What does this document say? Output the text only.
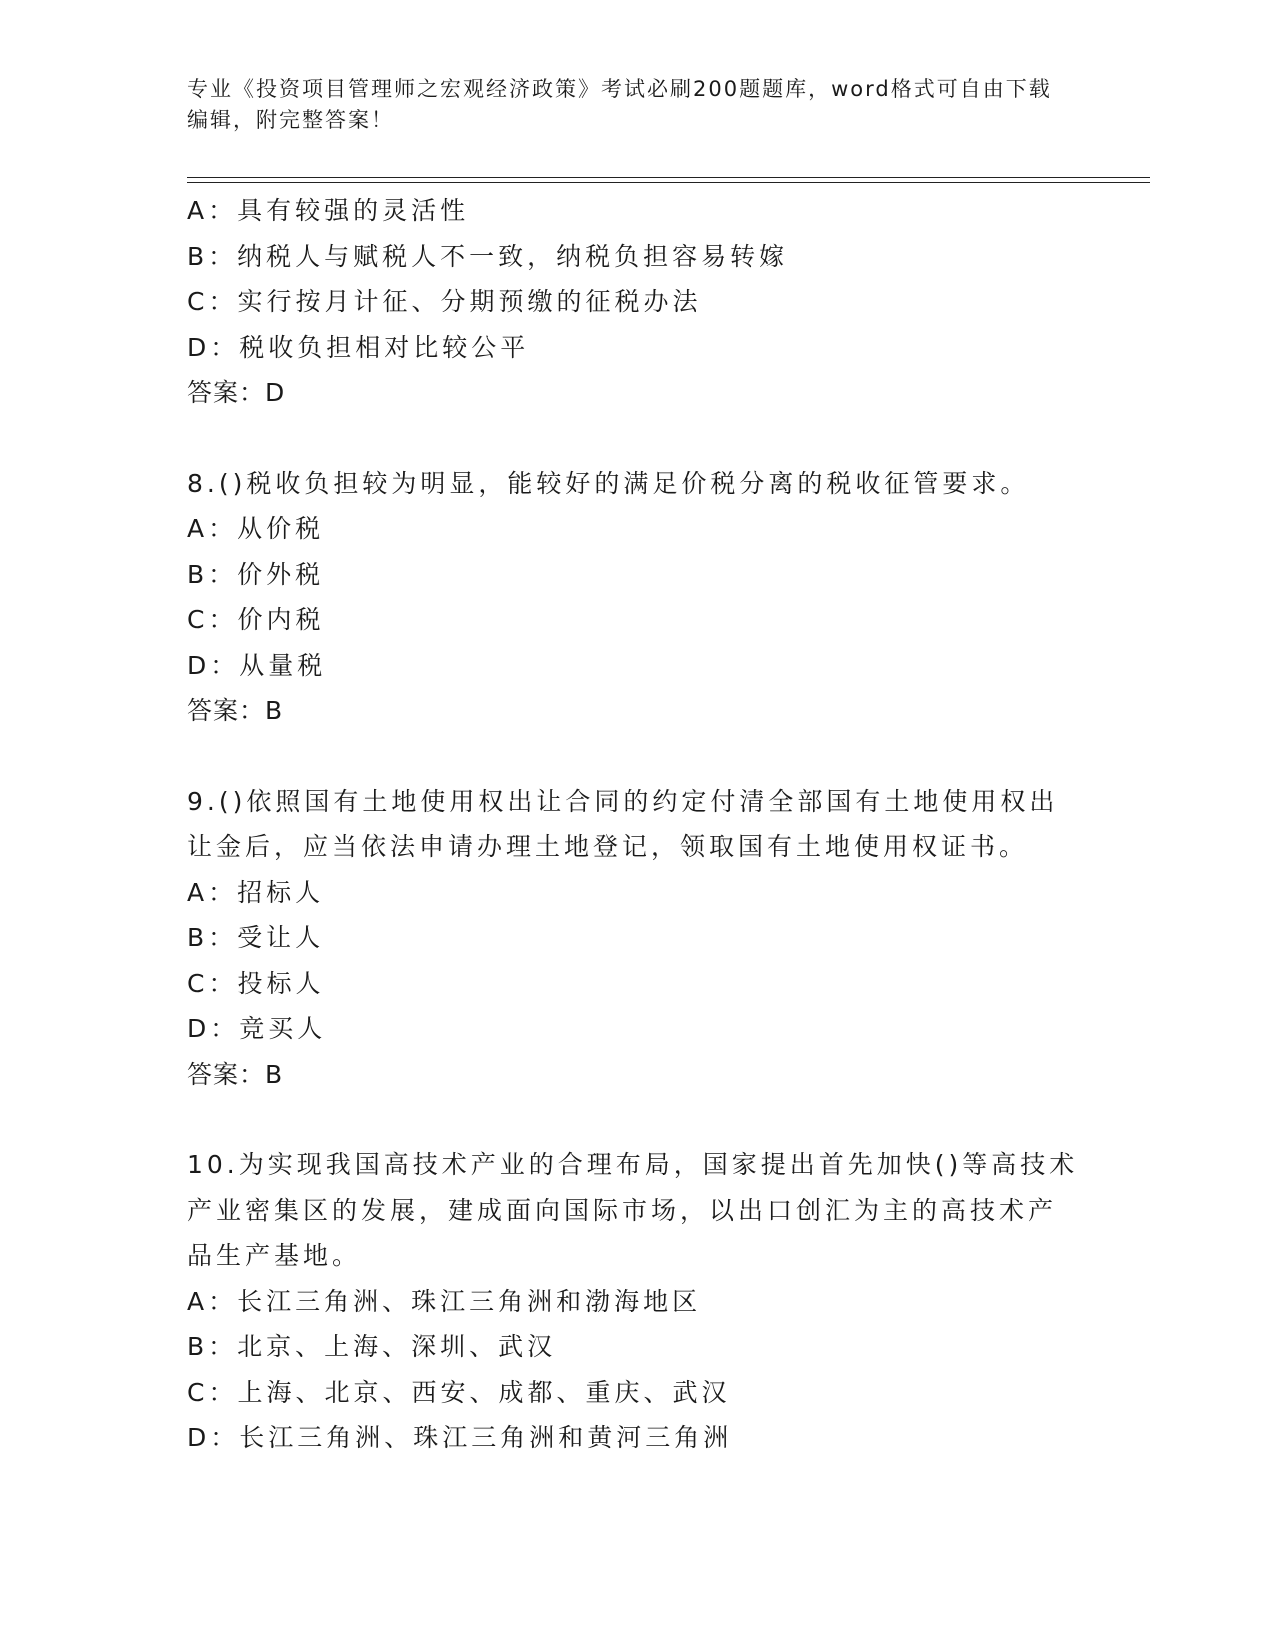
专业《投资项目管理师之宏观经济政策》考试必刷200题题库，word格式可自由下载编辑，附完整答案！
A：具有较强的灵活性
B：纳税人与赋税人不一致，纳税负担容易转嫁
C：实行按月计征、分期预缴的征税办法
D：税收负担相对比较公平
答案：D
8.()税收负担较为明显，能较好的满足价税分离的税收征管要求。
A：从价税
B：价外税
C：价内税
D：从量税
答案：B
9.()依照国有土地使用权出让合同的约定付清全部国有土地使用权出
让金后，应当依法申请办理土地登记，领取国有土地使用权证书。
A：招标人
B：受让人
C：投标人
D：竞买人
答案：B
10.为实现我国高技术产业的合理布局，国家提出首先加快()等高技术
产业密集区的发展，建成面向国际市场，以出口创汇为主的高技术产
品生产基地。
A：长江三角洲、珠江三角洲和渤海地区
B：北京、上海、深圳、武汉
C：上海、北京、西安、成都、重庆、武汉
D：长江三角洲、珠江三角洲和黄河三角洲
